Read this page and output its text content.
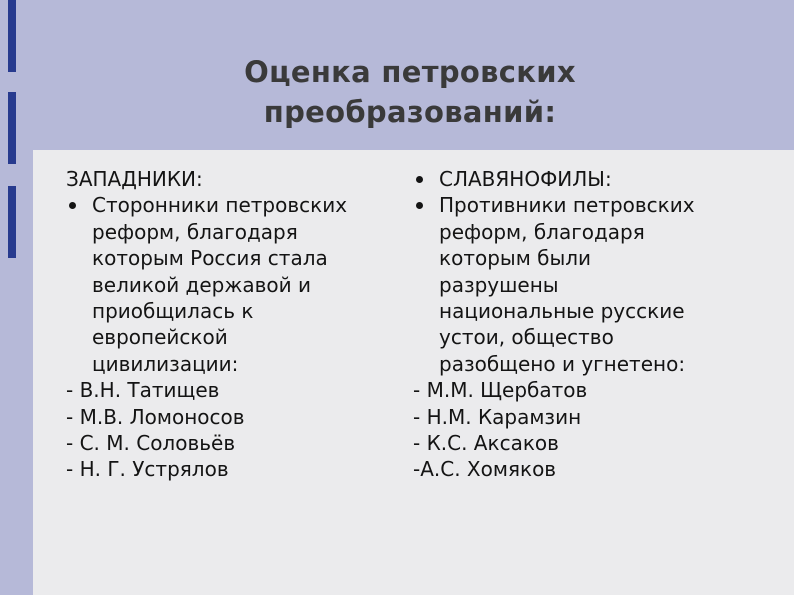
Оценка петровских
преобразований:
ЗАПАДНИКИ:
Сторонники петровских
реформ, благодаря
которым Россия стала
великой державой и
приобщилась к
европейской
цивилизации:
- В.Н. Татищев
- М.В. Ломоносов
- С. М. Соловьёв
- Н. Г. Устрялов
СЛАВЯНОФИЛЫ:
Противники петровских
реформ, благодаря
которым были
разрушены
национальные русские
устои, общество
разобщено и угнетено:
- М.М. Щербатов
- Н.М. Карамзин
- К.С. Аксаков
-А.С. Хомяков
